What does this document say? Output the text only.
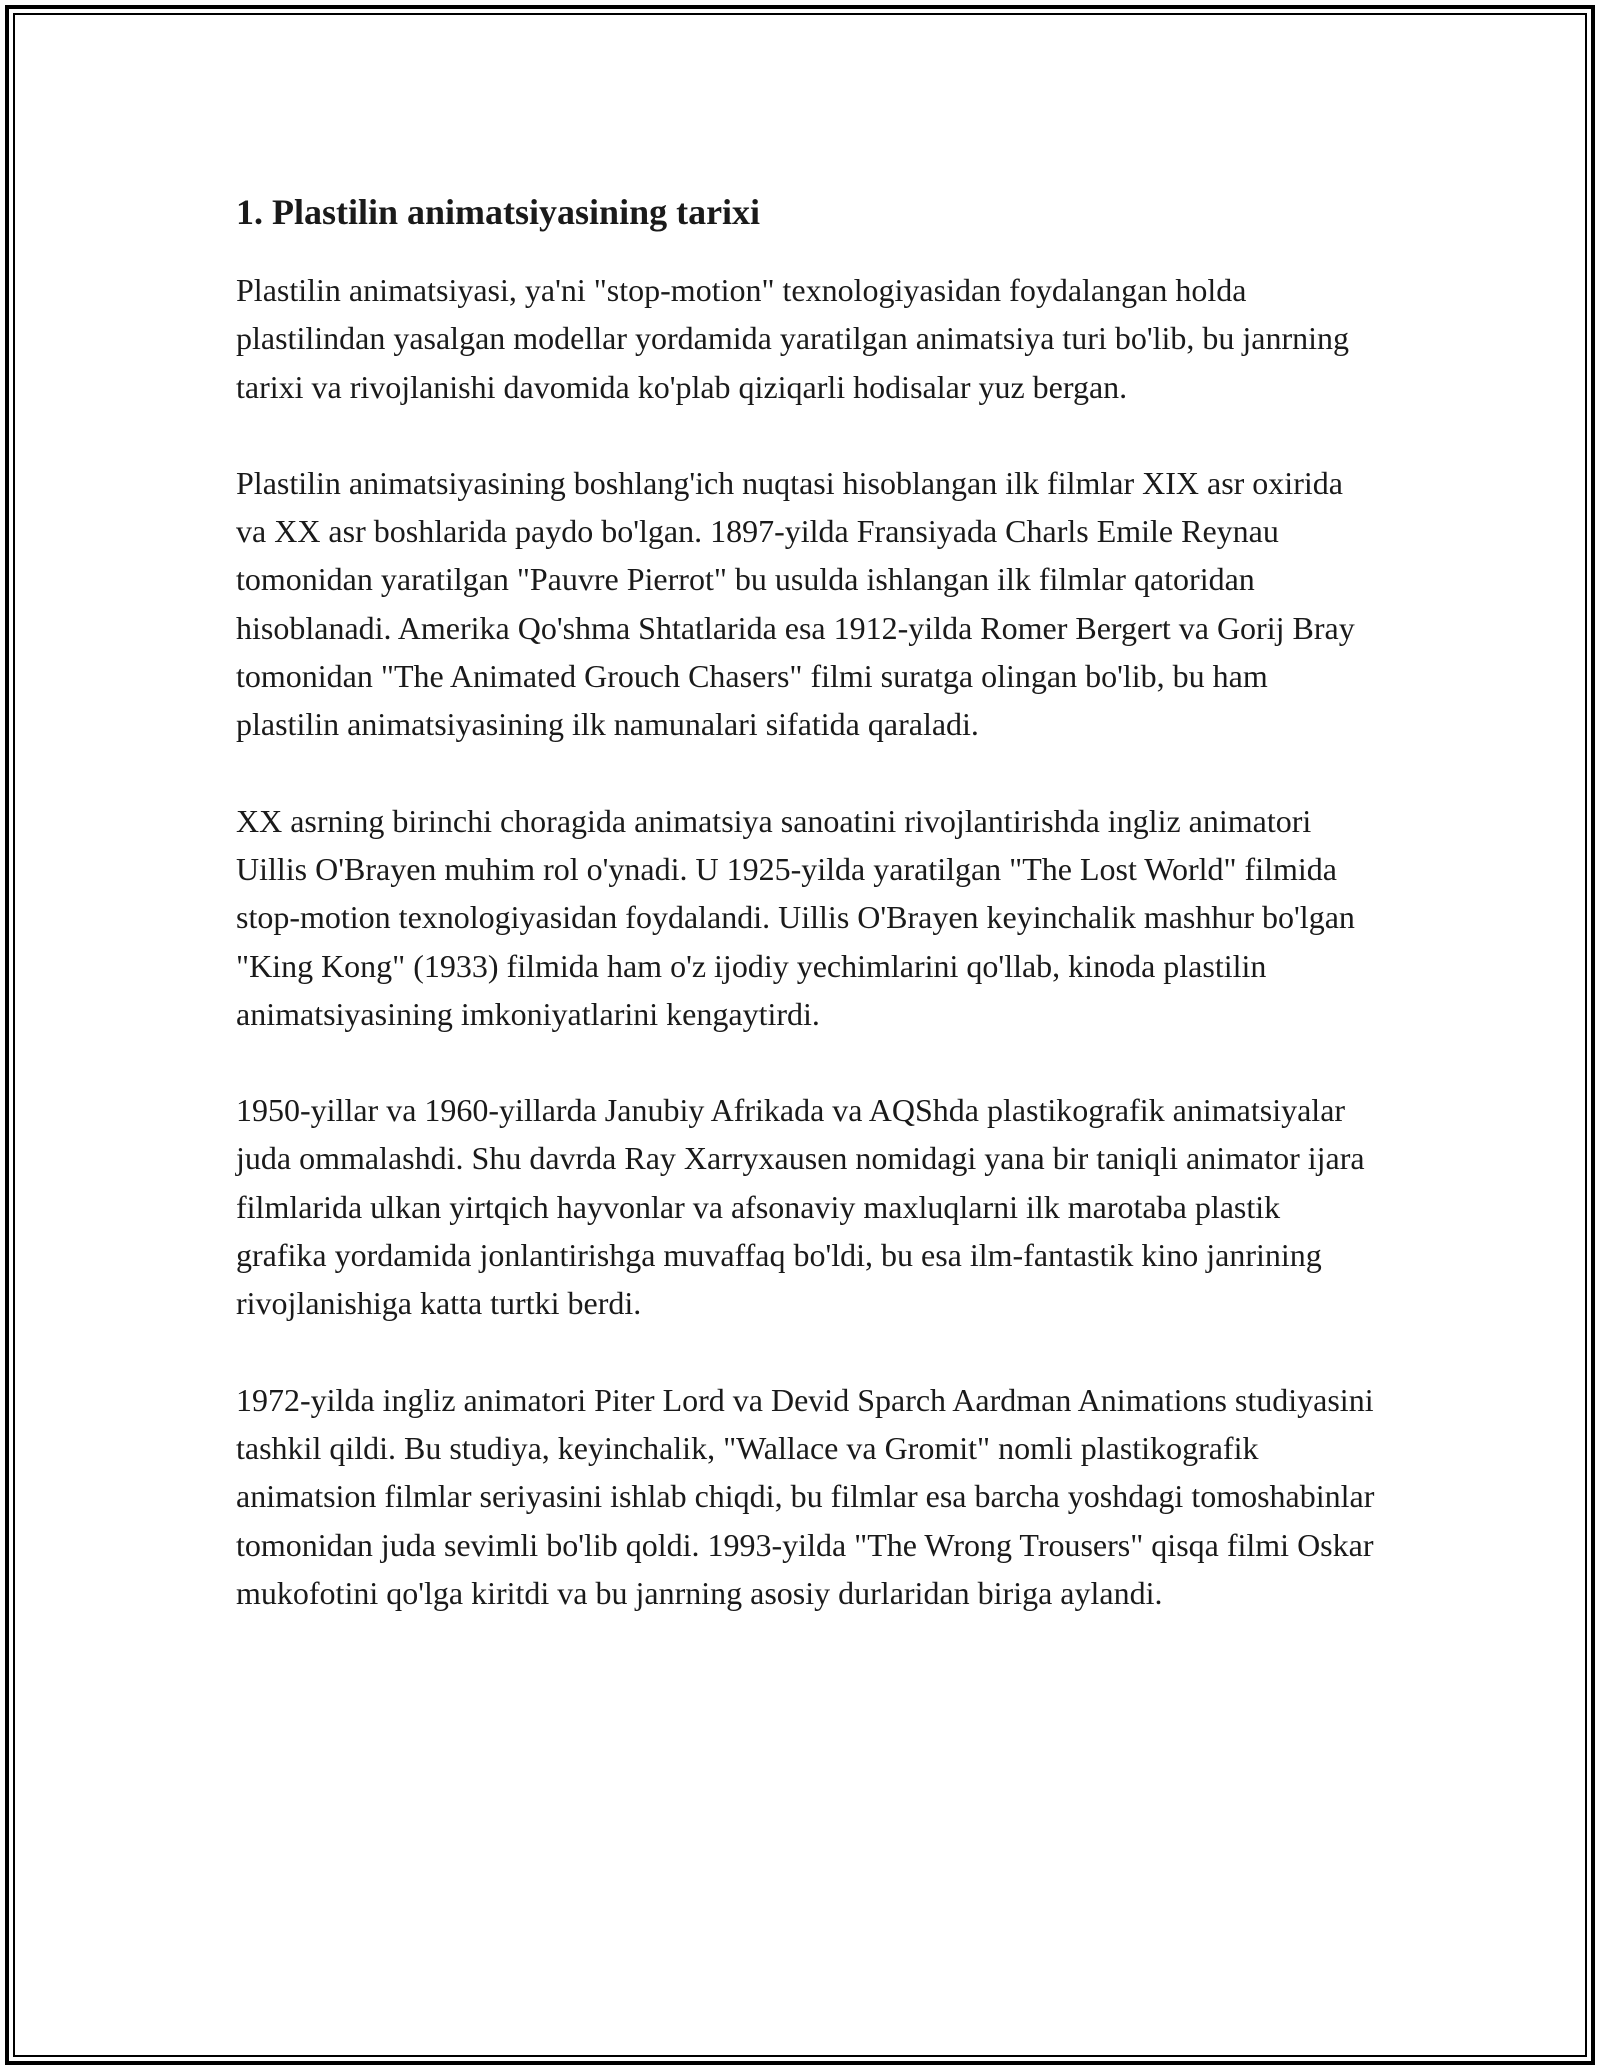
1. Plastilin animatsiyasining tarixi

Plastilin animatsiyasi, ya'ni "stop-motion" texnologiyasidan foydalangan holda plastilindan yasalgan modellar yordamida yaratilgan animatsiya turi bo'lib, bu janrning tarixi va rivojlanishi davomida ko'plab qiziqarli hodisalar yuz bergan.

Plastilin animatsiyasining boshlang'ich nuqtasi hisoblangan ilk filmlar XIX asr oxirida va XX asr boshlarida paydo bo'lgan. 1897-yilda Fransiyada Charls Emile Reynau tomonidan yaratilgan "Pauvre Pierrot" bu usulda ishlangan ilk filmlar qatoridan hisoblanadi. Amerika Qo'shma Shtatlarida esa 1912-yilda Romer Bergert va Gorij Bray tomonidan "The Animated Grouch Chasers" filmi suratga olingan bo'lib, bu ham plastilin animatsiyasining ilk namunalari sifatida qaraladi.

XX asrning birinchi choragida animatsiya sanoatini rivojlantirishda ingliz animatori Uillis O'Brayen muhim rol o'ynadi. U 1925-yilda yaratilgan "The Lost World" filmida stop-motion texnologiyasidan foydalandi. Uillis O'Brayen keyinchalik mashhur bo'lgan "King Kong" (1933) filmida ham o'z ijodiy yechimlarini qo'llab, kinoda plastilin animatsiyasining imkoniyatlarini kengaytirdi.

1950-yillar va 1960-yillarda Janubiy Afrikada va AQShda plastikografik animatsiyalar juda ommalashdi. Shu davrda Ray Xarryxausen nomidagi yana bir taniqli animator ijara filmlarida ulkan yirtqich hayvonlar va afsonaviy maxluqlarni ilk marotaba plastik grafika yordamida jonlantirishga muvaffaq bo'ldi, bu esa ilm-fantastik kino janrining rivojlanishiga katta turtki berdi.

1972-yilda ingliz animatori Piter Lord va Devid Sparch Aardman Animations studiyasini tashkil qildi. Bu studiya, keyinchalik, "Wallace va Gromit" nomli plastikografik animatsion filmlar seriyasini ishlab chiqdi, bu filmlar esa barcha yoshdagi tomoshabinlar tomonidan juda sevimli bo'lib qoldi. 1993-yilda "The Wrong Trousers" qisqa filmi Oskar mukofotini qo'lga kiritdi va bu janrning asosiy durlaridan biriga aylandi.
